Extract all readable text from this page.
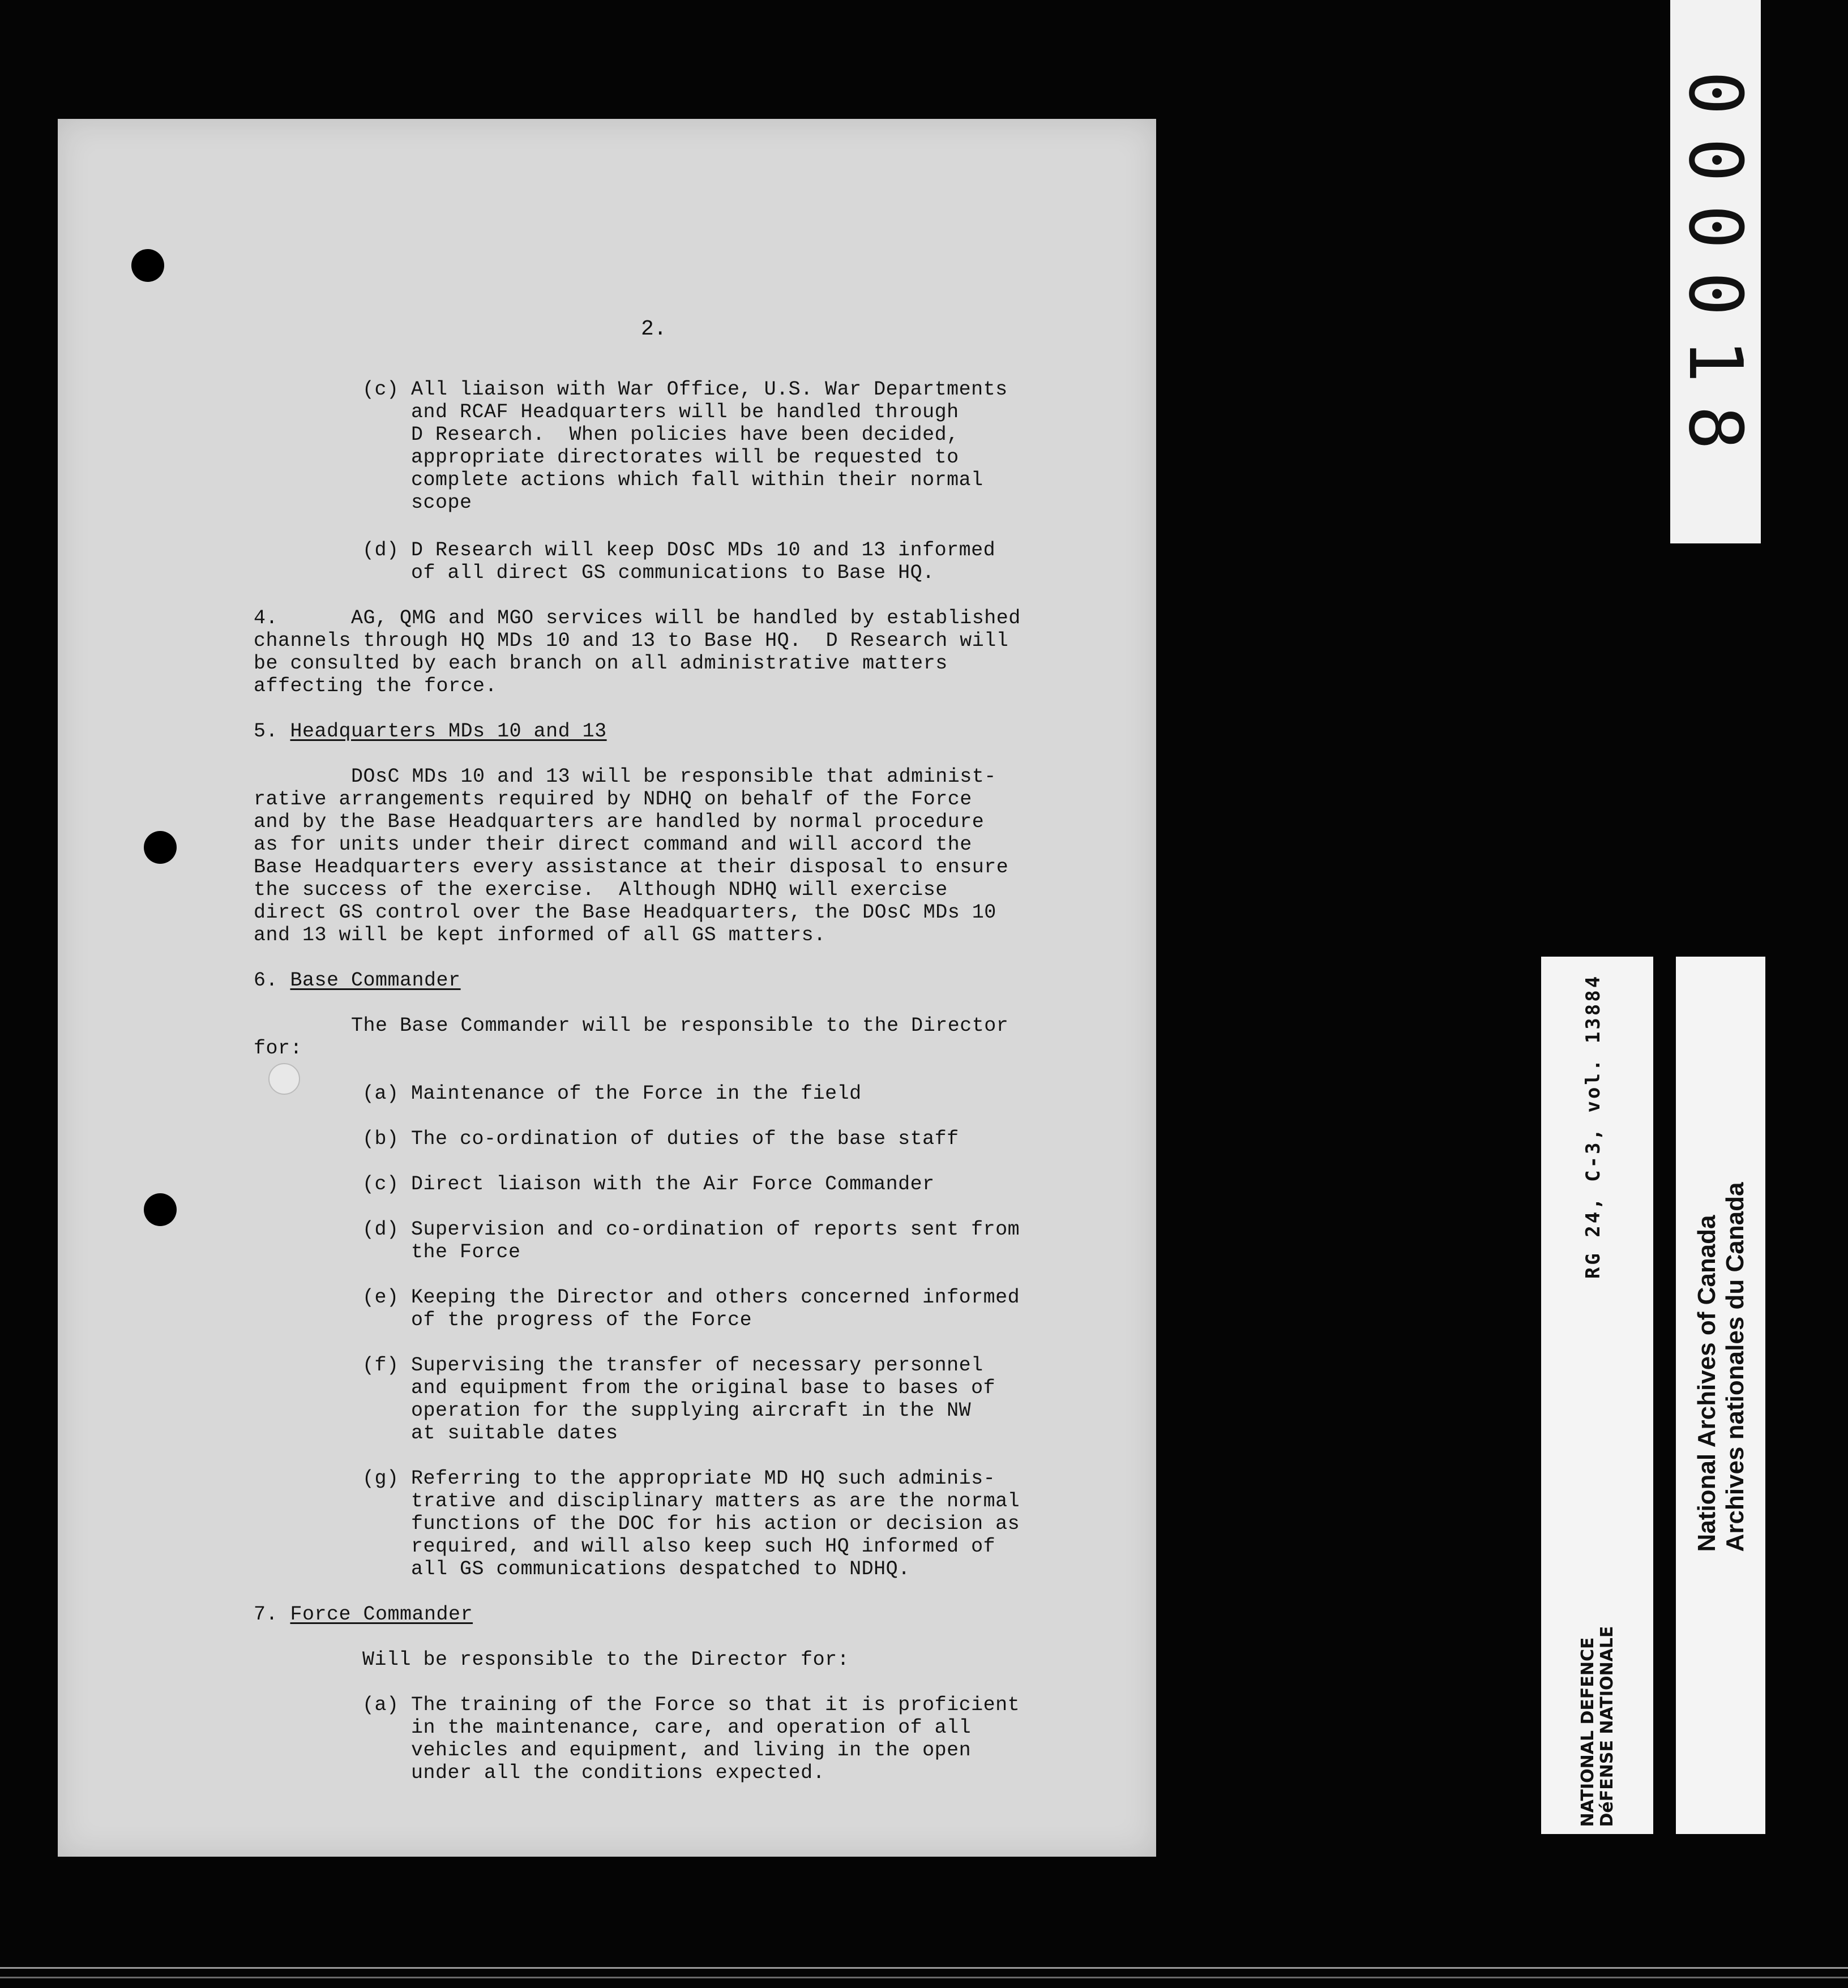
2.
(c) All liaison with War Office, U.S. War Departments
and RCAF Headquarters will be handled through
D Research.  When policies have been decided,
appropriate directorates will be requested to
complete actions which fall within their normal
scope
(d) D Research will keep DOsC MDs 10 and 13 informed
of all direct GS communications to Base HQ.
4.      AG, QMG and MGO services will be handled by established
channels through HQ MDs 10 and 13 to Base HQ.  D Research will
be consulted by each branch on all administrative matters
affecting the force.
5. Headquarters MDs 10 and 13
DOsC MDs 10 and 13 will be responsible that administ-
rative arrangements required by NDHQ on behalf of the Force
and by the Base Headquarters are handled by normal procedure
as for units under their direct command and will accord the
Base Headquarters every assistance at their disposal to ensure
the success of the exercise.  Although NDHQ will exercise
direct GS control over the Base Headquarters, the DOsC MDs 10
and 13 will be kept informed of all GS matters.
6. Base Commander
The Base Commander will be responsible to the Director
for:
(a) Maintenance of the Force in the field
(b) The co-ordination of duties of the base staff
(c) Direct liaison with the Air Force Commander
(d) Supervision and co-ordination of reports sent from
the Force
(e) Keeping the Director and others concerned informed
of the progress of the Force
(f) Supervising the transfer of necessary personnel
and equipment from the original base to bases of
operation for the supplying aircraft in the NW
at suitable dates
(g) Referring to the appropriate MD HQ such adminis-
trative and disciplinary matters as are the normal
functions of the DOC for his action or decision as
required, and will also keep such HQ informed of
all GS communications despatched to NDHQ.
7. Force Commander
Will be responsible to the Director for:
(a) The training of the Force so that it is proficient
in the maintenance, care, and operation of all
vehicles and equipment, and living in the open
under all the conditions expected.
000018
RG 24, C-3, vol. 13884
NATIONAL DEFENCE DéFENSE NATIONALE
National Archives of Canada Archives nationales du Canada
